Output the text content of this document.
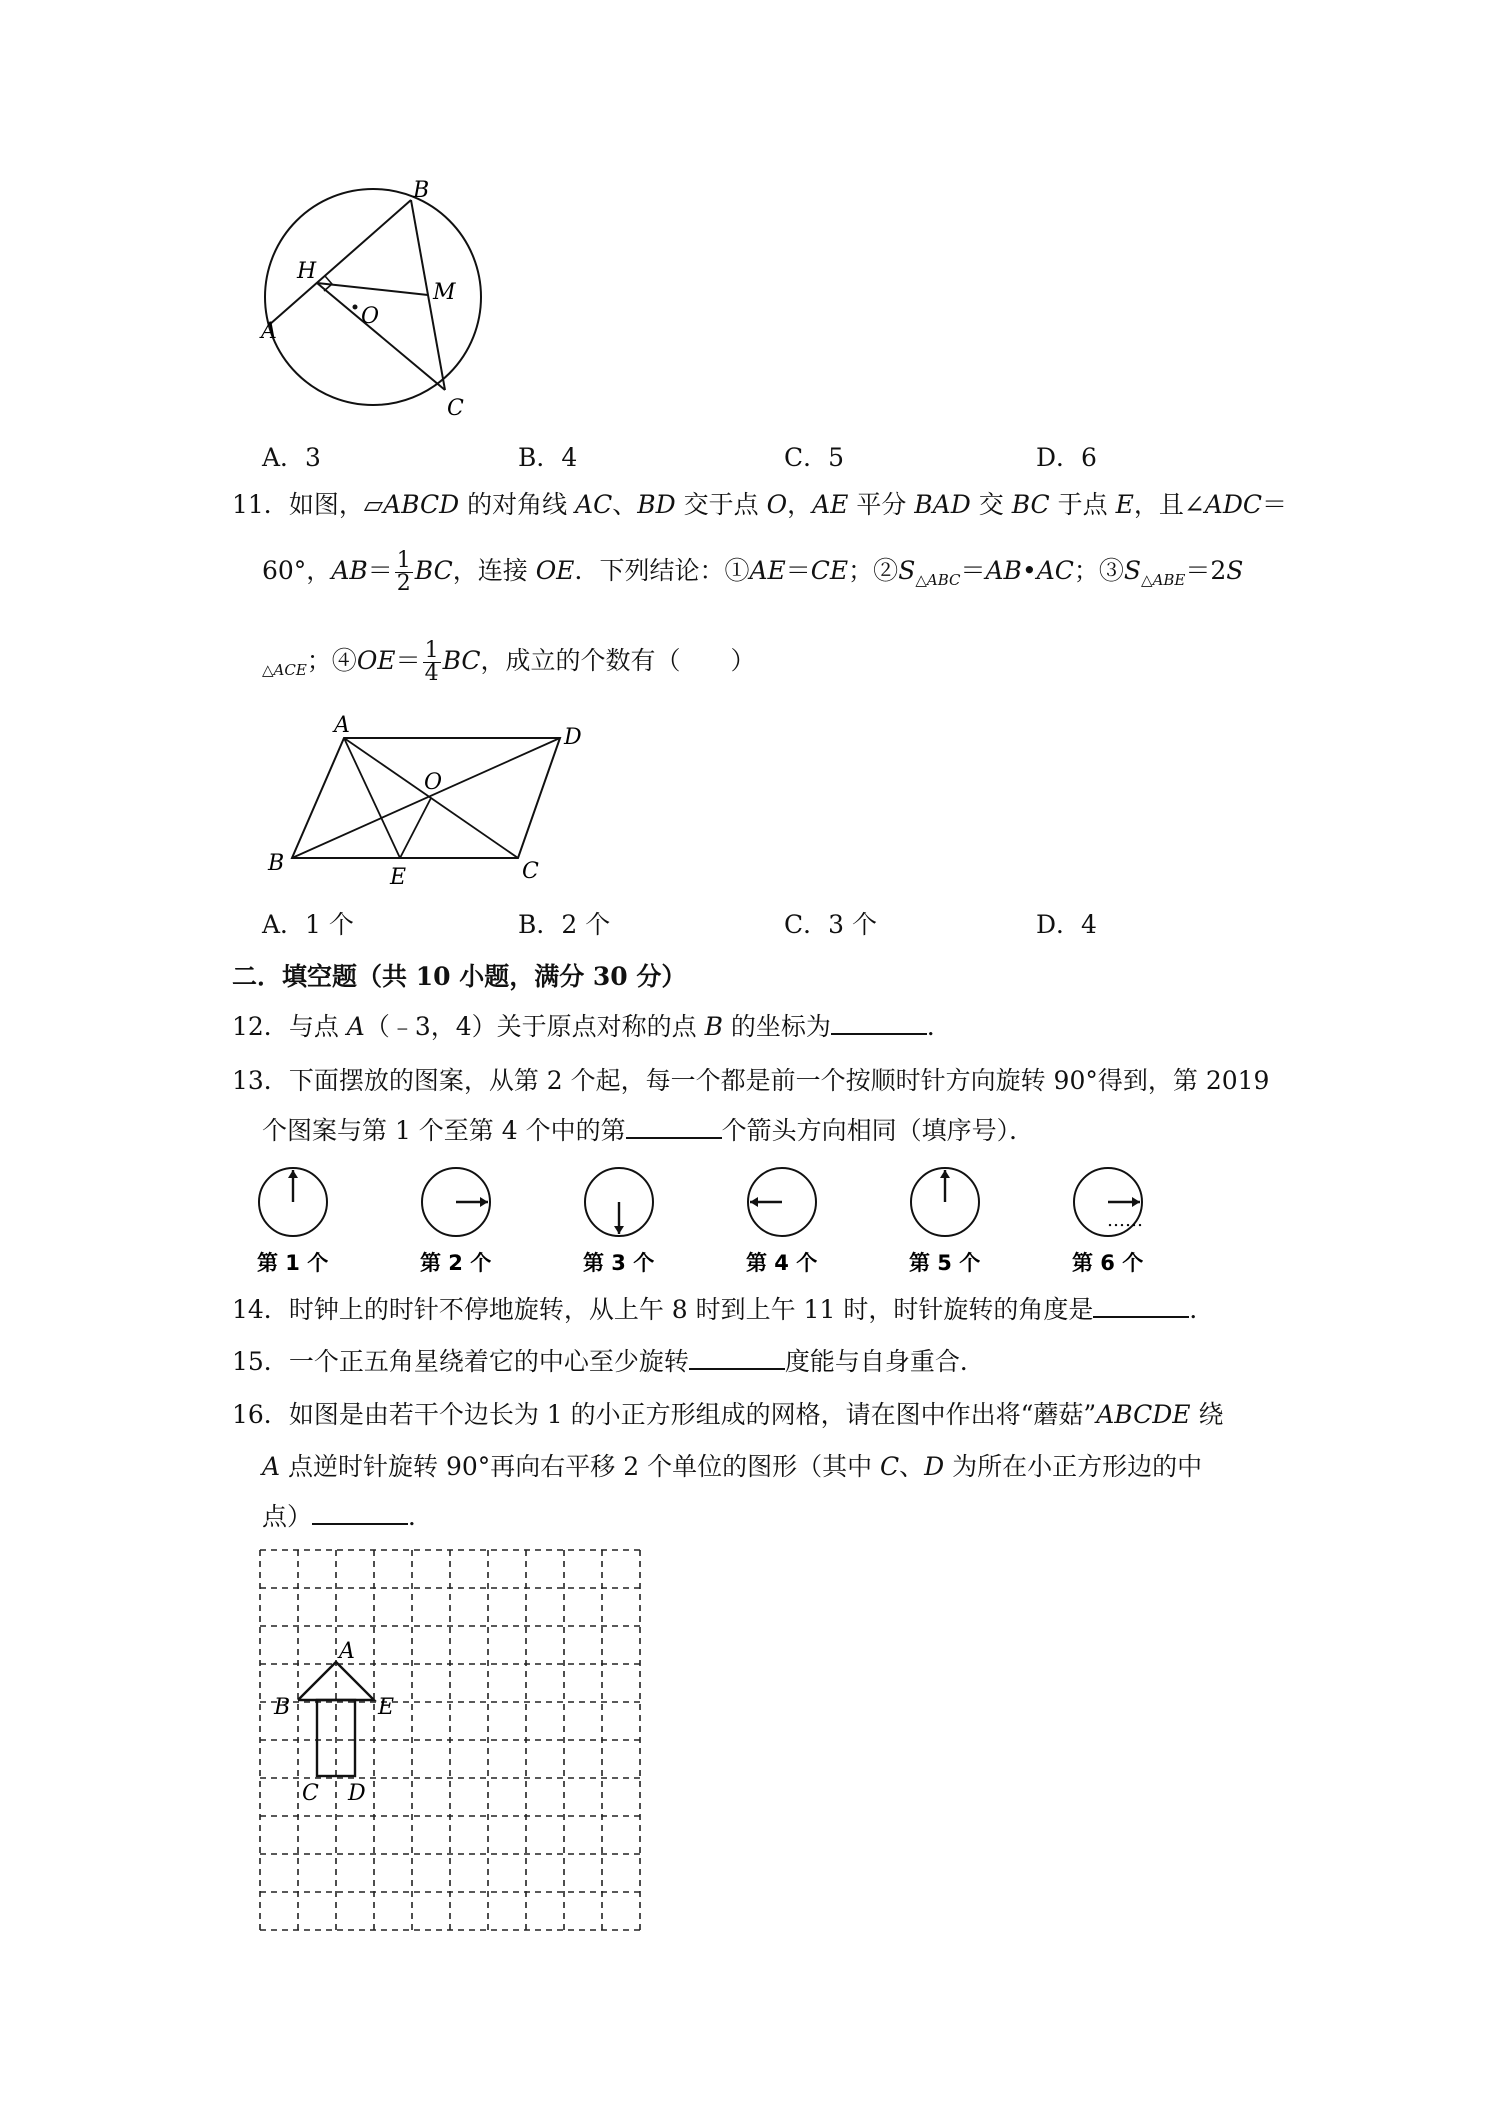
B
H
M
O
A
C
A．3	B．4	C．5	D．6
11．如图，▱ABCD 的对角线 AC、BD 交于点 O，AE 平分 BAD 交 BC 于点 E，且∠ADC＝
60°，$AB= \frac{1}{2}$ BC，连接 OE．下列结论：①AE＝CE；$②S_{\triangle ABC}=AB•AC$；$③S_{\triangle ABE}=2S$
$_{\triangle ACE}$；④OE＝ $\frac{1}{4}$ BC，成立的个数有（　　）
A	D
O
B
E	C
A．1 个	B．2 个	C．3 个	D．4
二．填空题（共 10 小题，满分 30 分）
12．与点 A（﹣3，4）关于原点对称的点 B 的坐标为	．
13．下面摆放的图案，从第 2 个起，每一个都是前一个按顺时针方向旋转 90°得到，第 2019
个图案与第 1 个至第 4 个中的第	个箭头方向相同（填序号）．
第 1 个	第 2 个	第 3 个	第 4 个	第 5 个	第 6 个
……
14．时钟上的时针不停地旋转，从上午 8 时到上午 11 时，时针旋转的角度是	．
15．一个正五角星绕着它的中心至少旋转	度能与自身重合．
16．如图是由若干个边长为 1 的小正方形组成的网格，请在图中作出将“蘑菇”ABCDE 绕
A 点逆时针旋转 90°再向右平移 2 个单位的图形（其中 C、D 为所在小正方形边的中
点）	．
A
B	E
C D
